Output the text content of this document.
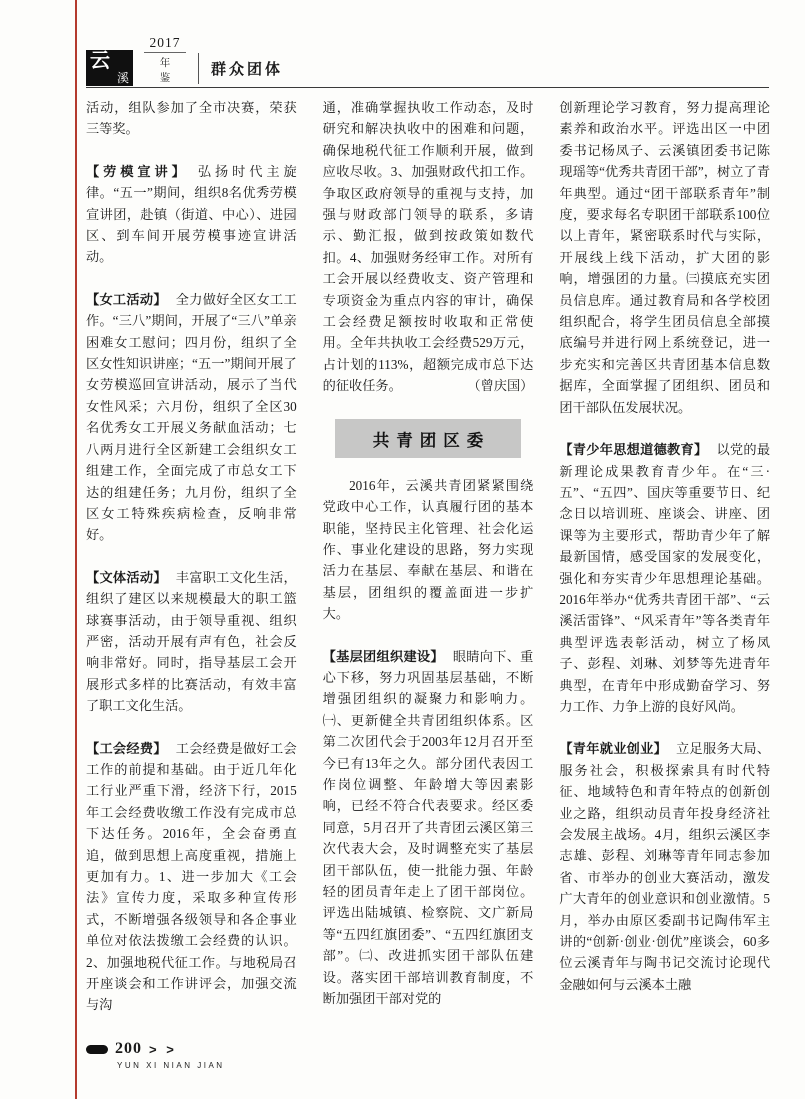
云
溪
2017
年 鉴	群众团体

活动，组队参加了全市决赛，荣获三等奖。

【劳模宣讲】 弘扬时代主旋律。“五一”期间，组织8名优秀劳模宣讲团，赴镇（街道、中心）、进园区、到车间开展劳模事迹宣讲活动。

【女工活动】 全力做好全区女工工作。“三八”期间，开展了“三八”单亲困难女工慰问；四月份，组织了全区女性知识讲座；“五一”期间开展了女劳模巡回宣讲活动，展示了当代女性风采；六月份，组织了全区30名优秀女工开展义务献血活动；七八两月进行全区新建工会组织女工组建工作，全面完成了市总女工下达的组建任务；九月份，组织了全区女工特殊疾病检查，反响非常好。

【文体活动】 丰富职工文化生活，组织了建区以来规模最大的职工篮球赛事活动，由于领导重视、组织严密，活动开展有声有色，社会反响非常好。同时，指导基层工会开展形式多样的比赛活动，有效丰富了职工文化生活。

【工会经费】 工会经费是做好工会工作的前提和基础。由于近几年化工行业严重下滑，经济下行，2015年工会经费收缴工作没有完成市总下达任务。2016年，全会奋勇直追，做到思想上高度重视，措施上更加有力。1、进一步加大《工会法》宣传力度，采取多种宣传形式，不断增强各级领导和各企事业单位对依法拨缴工会经费的认识。2、加强地税代征工作。与地税局召开座谈会和工作讲评会，加强交流与沟

通，准确掌握执收工作动态，及时研究和解决执收中的困难和问题，确保地税代征工作顺利开展，做到应收尽收。3、加强财政代扣工作。争取区政府领导的重视与支持，加强与财政部门领导的联系，多请示、勤汇报，做到按政策如数代扣。4、加强财务经审工作。对所有工会开展以经费收支、资产管理和专项资金为重点内容的审计，确保工会经费足额按时收取和正常使用。全年共执收工会经费529万元，占计划的113%，超额完成市总下达的征收任务。	（曾庆国）

共青团区委

2016年，云溪共青团紧紧围绕党政中心工作，认真履行团的基本职能，坚持民主化管理、社会化运作、事业化建设的思路，努力实现活力在基层、奉献在基层、和谐在基层，团组织的覆盖面进一步扩大。

【基层团组织建设】 眼睛向下、重心下移，努力巩固基层基础，不断增强团组织的凝聚力和影响力。㈠、更新健全共青团组织体系。区第二次团代会于2003年12月召开至今已有13年之久。部分团代表因工作岗位调整、年龄增大等因素影响，已经不符合代表要求。经区委同意，5月召开了共青团云溪区第三次代表大会，及时调整充实了基层团干部队伍，使一批能力强、年龄轻的团员青年走上了团干部岗位。评选出陆城镇、检察院、文广新局等“五四红旗团委”、“五四红旗团支部”。㈡、改进抓实团干部队伍建设。落实团干部培训教育制度，不断加强团干部对党的

创新理论学习教育，努力提高理论素养和政治水平。评选出区一中团委书记杨凤子、云溪镇团委书记陈现瑶等“优秀共青团干部”，树立了青年典型。通过“团干部联系青年”制度，要求每名专职团干部联系100位以上青年，紧密联系时代与实际，开展线上线下活动，扩大团的影响，增强团的力量。㈢摸底充实团员信息库。通过教育局和各学校团组织配合，将学生团员信息全部摸底编号并进行网上系统登记，进一步充实和完善区共青团基本信息数据库，全面掌握了团组织、团员和团干部队伍发展状况。

【青少年思想道德教育】 以党的最新理论成果教育青少年。在“三·五”、“五四”、国庆等重要节日、纪念日以培训班、座谈会、讲座、团课等为主要形式，帮助青少年了解最新国情，感受国家的发展变化，强化和夯实青少年思想理论基础。2016年举办“优秀共青团干部”、“云溪活雷锋”、“风采青年”等各类青年典型评选表彰活动，树立了杨凤子、彭程、刘琳、刘梦等先进青年典型，在青年中形成勤奋学习、努力工作、力争上游的良好风尚。

【青年就业创业】 立足服务大局、服务社会，积极探索具有时代特征、地域特色和青年特点的创新创业之路，组织动员青年投身经济社会发展主战场。4月，组织云溪区李志雄、彭程、刘琳等青年同志参加省、市举办的创业大赛活动，激发广大青年的创业意识和创业激情。5月，举办由原区委副书记陶伟军主讲的“创新·创业·创优”座谈会，60多位云溪青年与陶书记交流讨论现代金融如何与云溪本土融

200 > >
YUN XI NIAN JIAN
